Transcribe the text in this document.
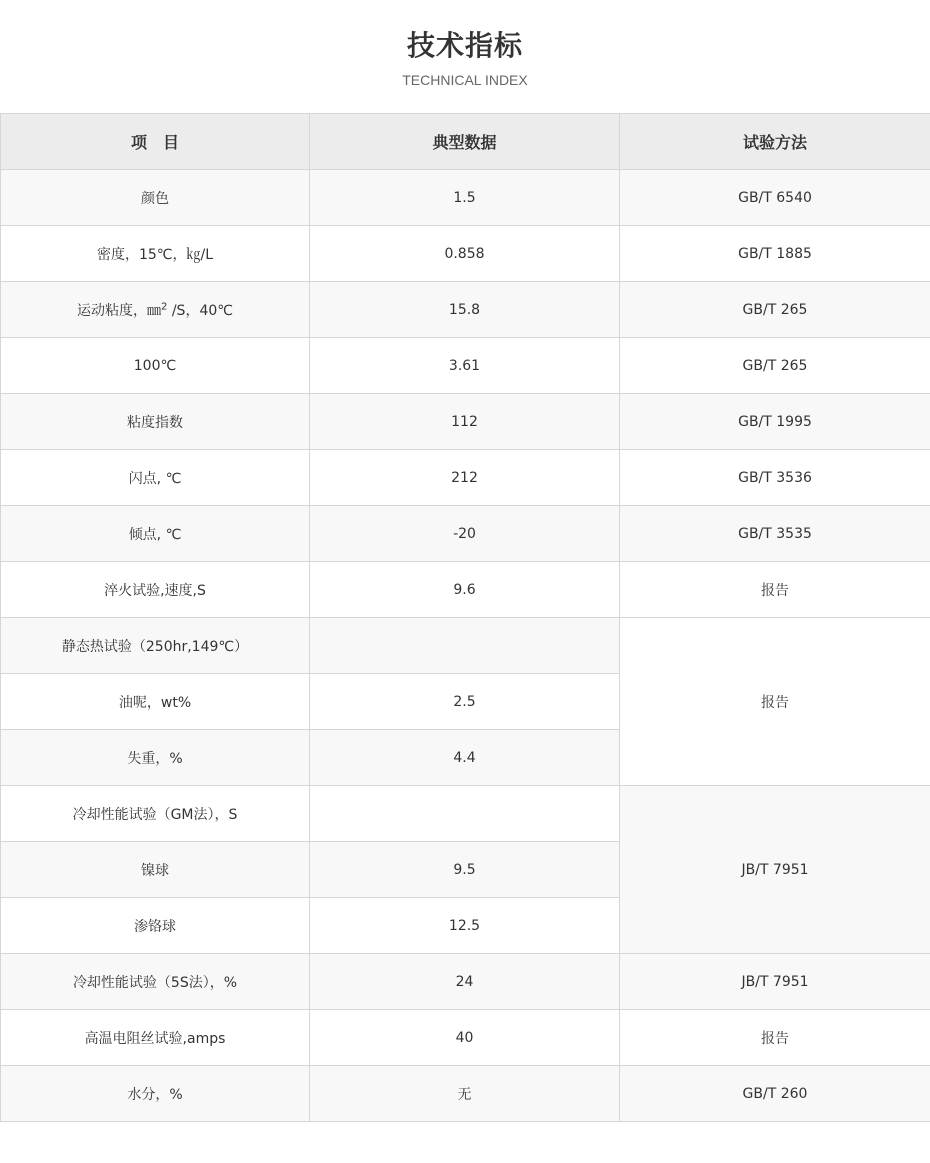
技术指标
TECHNICAL INDEX
项　目	典型数据	试验方法
颜色	1.5	GB/T 6540
密度，15℃，㎏/L	0.858	GB/T 1885
运动粘度，㎜$^2$ /S，40℃	15.8	GB/T 265
100℃	3.61	GB/T 265
粘度指数	112	GB/T 1995
闪点, ℃	212	GB/T 3536
倾点, ℃	-20	GB/T 3535
淬火试验,速度,S	9.6	报告
静态热试验（250hr,149℃）		报告
油呢，wt%	2.5	
失重，%	4.4	
冷却性能试验（GM法），S		JB/T 7951
镍球	9.5	
渗铬球	12.5	
冷却性能试验（5S法），%	24	JB/T 7951
高温电阻丝试验,amps	40	报告
水分，%	无	GB/T 260
